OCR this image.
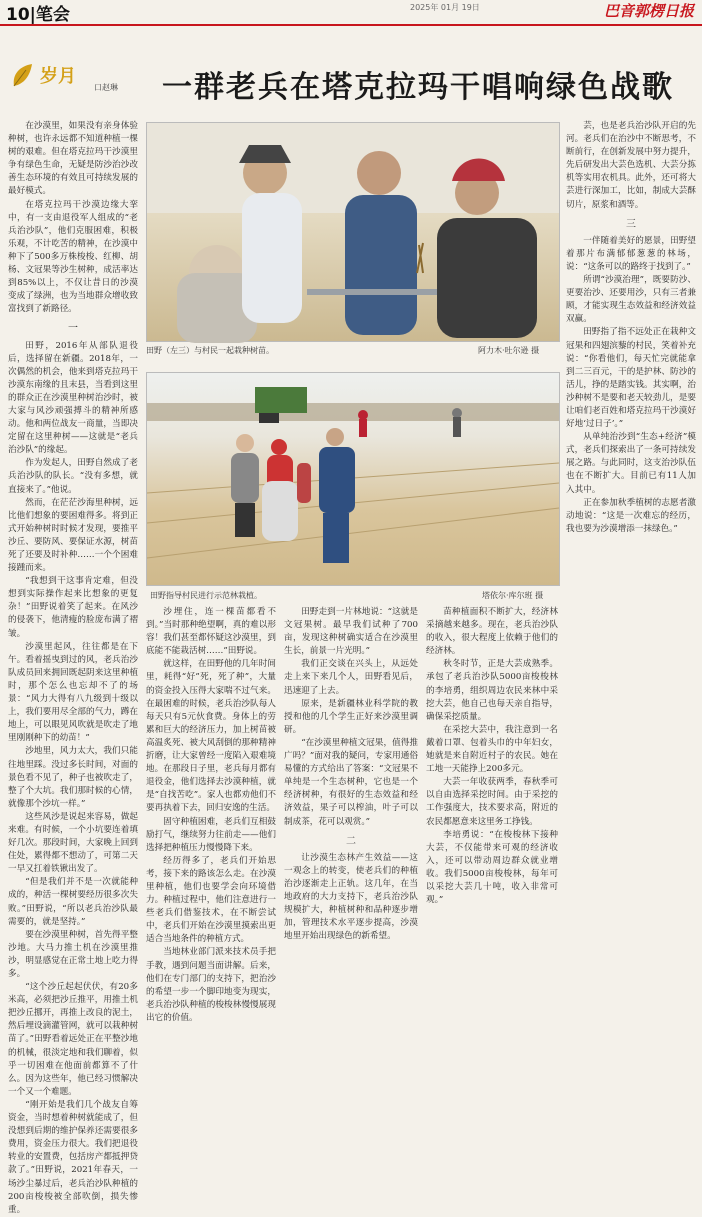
10|笔会	2025年 01月 19日	巴音郭楞日报
岁月
口赵琳	一群老兵在塔克拉玛干唱响绿色战歌

在沙漠里，如果没有亲身体验种树，也许永远都不知道种植一棵树的艰难。但在塔克拉玛干沙漠里争有绿色生命，无疑是防沙治沙改善生态环境的有效且可持续发展的最好模式。

在塔克拉玛干沙漠边缘大挛中，有一支由退役军人组成的“老兵治沙队”，他们克服困难，积极乐观，不计吃苦的精神，在沙漠中种下了500多万株梭梭、红柳、胡杨、文冠果等沙生树种，成活率达到85%以上，不仅让昔日的沙漠变成了绿洲，也为当地群众增收致富找到了新路径。

一

田野，2016年从部队退役后，选择留在新疆。2018年，一次偶然的机会，他来到塔克拉玛干沙漠东南缘的且末县，当看到这里的群众正在沙漠里种树治沙时，被大家与风沙顽强搏斗的精神所感动。他和两位战友一商量，当即决定留在这里种树——这就是“老兵治沙队”的缘起。

作为发起人，田野自然成了老兵治沙队的队长。“没有多想，就直接来了。”他说。

然而，在茫茫沙海里种树，远比他们想象的要困难得多。将到正式开始种树时时候才发现，要推平沙丘、要防风、要保证水源，树苗死了还要及时补种……一个个困难接踵而来。

“我想到干这事肯定难，但没想到实际操作起来比想象的更复杂！”田野说着笑了起来。在风沙的侵袭下，他清瘦的脸庞布满了褶皱。

沙漠里起风，往往都是在下午。看着摇曳到过的风，老兵治沙队成员回来拥回既起阴来这里种植时，那个怎么也忘却不了的场景：“风力大得有八九级到十级以上，我们要用尽全部的气力，蹲在地上，可以眼见风吹就是吹走了地里刚刚种下的幼苗！”

沙地里，风力太大，我们只能往地里踩。没过多长时间，对面的景色看不见了，种子也被吹走了，整了个大坑。我们那时候的心情，就像那个沙坑一样。”

这些风沙是说起来容易，做起来难。有时候，一个小坑要连着填好几次。那段时间，大家晚上回到住处，累得都不想动了，可第二天一早又扛着铁锹出发了。

“但是我们并不是一次就能种成的，种活一棵树要经历很多次失败。”田野说，“所以老兵治沙队最需要的，就是坚持。”

要在沙漠里种树，首先得平整沙地。大马力推土机在沙漠里推沙，明显感觉在正常土地上吃力得多。

“这个沙丘起起伏伏，有20多米高，必须把沙丘推平，用推土机把沙丘挪开，再推上改良的泥土，然后埋设滴灌管网，就可以栽种树苗了。”田野看着远处正在平整沙地的机械，很淡定地和我们聊着，似乎一切困难在他面前都算不了什么。因为这些年，他已经习惯解决一个又一个难题。

“刚开始是我们几个战友自筹资金，当时想着种树就能成了，但没想到后期的维护保养还需要很多费用，资金压力很大。我们把退役转业的安置费，包括房产都抵押贷款了。”田野说，2021年春天，一场沙尘暴过后，老兵治沙队种植的200亩梭梭被全部吹倒，损失惨重。

田野（左三）与村民一起栽种树苗。	阿力木·吐尔逊 摄
田野指导村民进行示范林栽植。	塔依尔·库尔班 摄

沙埋住，连一棵苗都看不到。”当时那种绝望啊，真的难以形容！我们甚至都怀疑这沙漠里，到底能不能栽活树……”田野说。

就这样，在田野他的几年时间里，耗得“好”死，死了种”，大量的资金投入压得大家喘不过气来。在最困难的时候，老兵治沙队每人每天只有5元伙食费。身体上的劳累和巨大的经济压力，加上树苗被高温炙死、被大风刮倒的那种精神折磨，让大家曾经一度陷入艰难境地。在那段日子里，老兵每月都有退役金，他们选择去沙漠种植，就是“自找苦吃”。家人也都劝他们不要再执着下去，回归安逸的生活。

固守种植困难，老兵们互相鼓励打气，继续努力往前走——他们选择把种植压力慢慢降下来。

经历得多了，老兵们开始思考，接下来的路该怎么走。在沙漠里种植，他们也要学会向环境借力。种植过程中，他们注意进行一些老兵们借鉴技术，在不断尝试中，老兵们开始在沙漠里摸索出更适合当地条件的种植方式。

当地林业部门派来技术员手把手教，遇到问题当面讲解。后来，他们在专门部门的支持下，把治沙的希望一步一个脚印地变为现实，老兵治沙队种植的梭梭林慢慢展现出它的价值。

田野走到一片林地说：“这就是文冠果树。最早我们试种了700亩，发现这种树确实适合在沙漠里生长，前景一片光明。”

我们正交谈在兴头上，从远处走上来下来几个人，田野看见后，迅速迎了上去。

原来，是新疆林业科学院的教授和他的几个学生正好来沙漠里调研。

“在沙漠里种植文冠果，值得推广吗？”面对我的疑问，专家用通俗易懂的方式给出了答案：“文冠果不单纯是一个生态树种，它也是一个经济树种，有很好的生态效益和经济效益，果子可以榨油，叶子可以制成茶，花可以观赏。”

二

让沙漠生态林产生效益——这一观念上的转变，使老兵们的种植治沙逐渐走上正轨。这几年，在当地政府的大力支持下，老兵治沙队规模扩大，种植树种和品种逐步增加，管理技术水平逐步提高，沙漠地里开始出现绿色的新希望。

苗种植面积不断扩大，经济林采摘越来越多。现在，老兵治沙队的收入，很大程度上依赖于他们的经济林。

秋冬时节，正是大芸成熟季。承包了老兵治沙队5000亩梭梭林的李培勇，组织周边农民来林中采挖大芸，他自己也每天亲自指导，确保采挖质量。

在采挖大芸中，我注意到一名戴着口罩、包着头巾的中年妇女，她就是来自附近村子的农民。她在工地一天能挣上200多元。

大芸一年收获两季，春秋季可以自由选择采挖时间。由于采挖的工作强度大，技术要求高，附近的农民都愿意来这里务工挣钱。

李培勇说：“在梭梭林下接种大芸，不仅能带来可观的经济收入，还可以带动周边群众就业增收。我们5000亩梭梭林，每年可以采挖大芸几十吨，收入非常可观。”

芸，也是老兵治沙队开启的先河。老兵们在治沙中不断思考，不断前行，在创新发展中努力提升，先后研发出大芸色选机、大芸分拣机等实用农机具。此外，还可将大芸进行深加工，比如，制成大芸酥切片，原浆和酒等。

三

一伴随着美好的愿景，田野望着那片布满郁郁葱葱的林场，说：“这条可以的路终于找到了。”

所谓“沙漠治理”，既要防沙、更要治沙、还要用沙，只有三者兼顾，才能实现生态效益和经济效益双赢。

田野指了指不远处正在栽种文冠果和四翅滨藜的村民，笑着补充说：“你看他们，每天忙完就能拿到二三百元，干的是护林、防沙的活儿，挣的是踏实钱。其实啊，治沙种树不是要和老天较劲儿，是要让咱们老百姓和塔克拉玛干沙漠好好地‘过日子’。”

从单纯治沙到“生态+经济”模式，老兵们探索出了一条可持续发展之路。与此同时，这支治沙队伍也在不断扩大。目前已有11人加入其中。

正在参加秋季植树的志愿者激动地说：“这是一次难忘的经历，我也要为沙漠增添一抹绿色。”
